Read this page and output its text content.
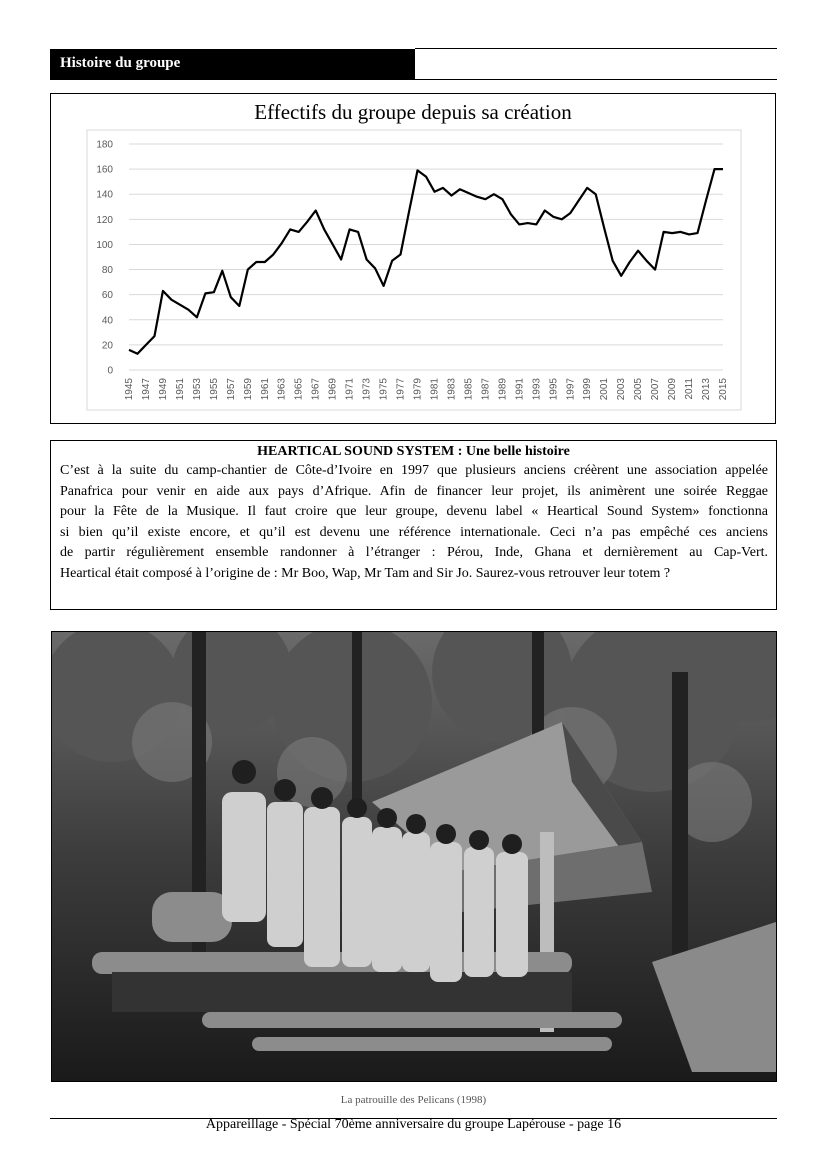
Histoire du groupe
Effectifs du groupe depuis sa création
0
20
40
60
80
100
120
140
160
180
1945 1947 1949 1951 1953 1955 1957 1959 1961 1963 1965 1967 1969 1971 1973 1975 1977 1979 1981 1983 1985 1987 1989 1991 1993 1995 1997 1999 2001 2003 2005 2007 2009 2011 2013 2015
HEARTICAL SOUND SYSTEM : Une belle histoire
C’est à la suite du camp-chantier de Côte-d’Ivoire en 1997 que plusieurs anciens créèrent une association appelée
Panafrica pour venir en aide aux pays d’Afrique. Afin de financer leur projet, ils animèrent une soirée Reggae
pour la Fête de la Musique. Il faut croire que leur groupe, devenu label « Heartical Sound System» fonctionna
si bien qu’il existe encore, et qu’il est devenu une référence internationale. Ceci n’a pas empêché ces anciens
de partir régulièrement ensemble randonner à l’étranger : Pérou, Inde, Ghana et dernièrement au Cap-Vert.
Heartical était composé à l’origine de : Mr Boo, Wap, Mr Tam and Sir Jo. Saurez-vous retrouver leur totem ?
La patrouille des Pelicans (1998)
Appareillage - Spécial 70ème anniversaire du groupe Lapérouse - page 16
